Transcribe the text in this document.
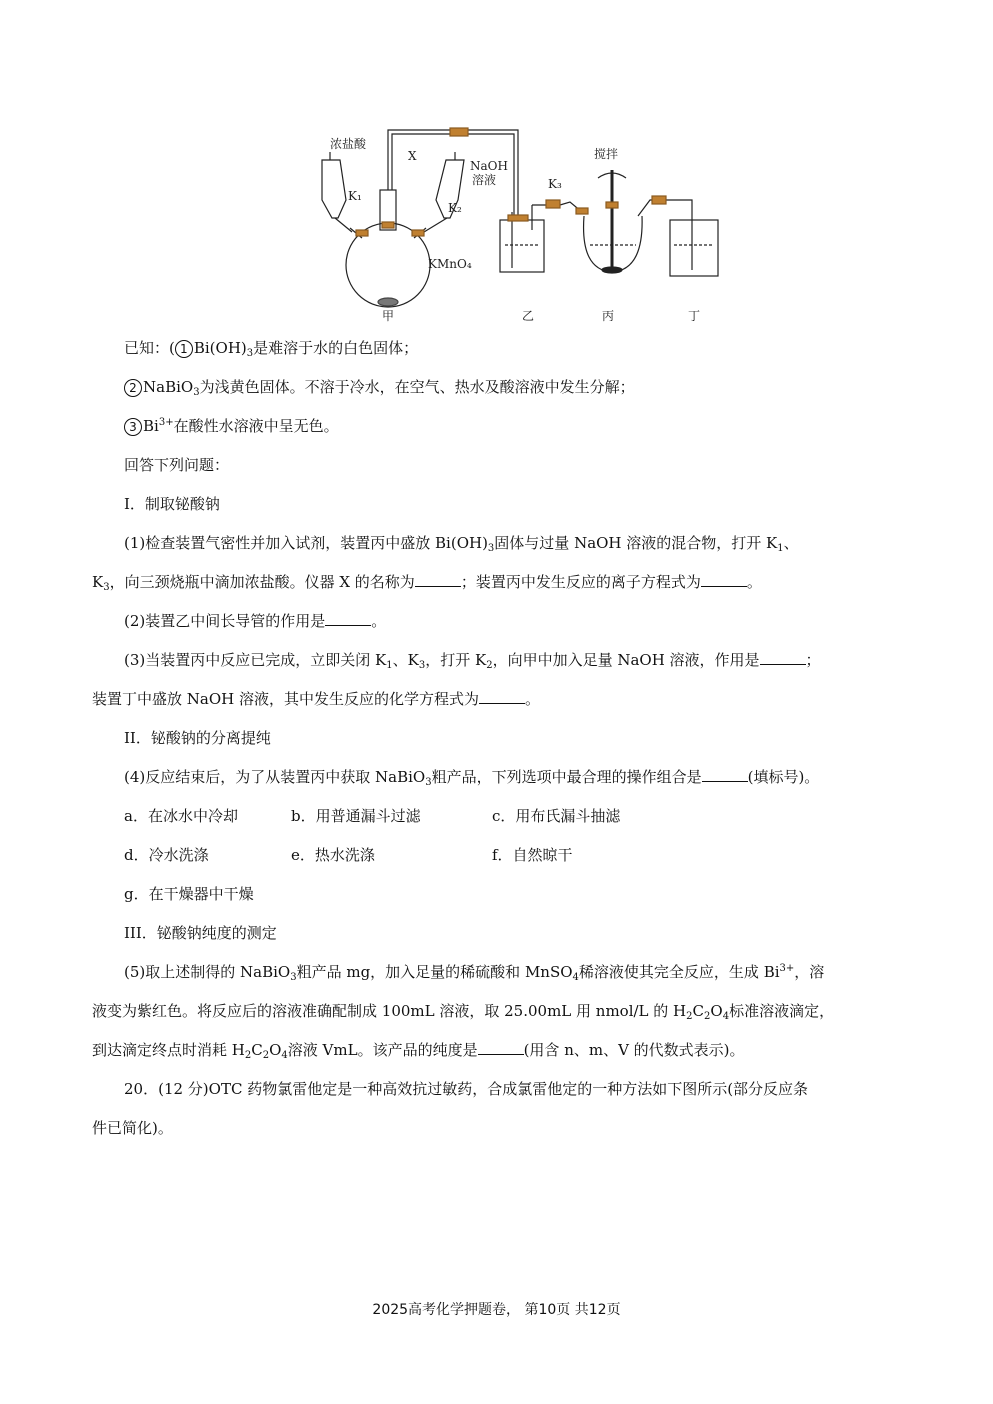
浓盐酸
K₁
X
NaOH
溶液
K₂
K₃
搅拌
KMnO₄
甲	乙	丙	丁
已知：( 1 $Bi(OH)_3$是难溶于水的白色固体；
2 NaBiO$_3$为浅黄色固体。不溶于冷水，在空气、热水及酸溶液中发生分解；
3 $Bi^{3+}$在酸性水溶液中呈无色。
回答下列问题：
I．制取铋酸钠
(1)检查装置气密性并加入试剂，装置丙中盛放 $Bi(OH)_3$固体与过量 NaOH 溶液的混合物，打开 $K_1$、
$K_3$，向三颈烧瓶中滴加浓盐酸。仪器 X 的名称为	；装置丙中发生反应的离子方程式为	。
(2)装置乙中间长导管的作用是	。
(3)当装置丙中反应已完成，立即关闭 $K_1$、$K_3$，打开 $K_2$，向甲中加入足量 NaOH 溶液，作用是	；
装置丁中盛放 NaOH 溶液，其中发生反应的化学方程式为	。
II．铋酸钠的分离提纯
(4)反应结束后，为了从装置丙中获取 NaBiO$_3$粗产品，下列选项中最合理的操作组合是	(填标号)。
a．在冰水中冷却	b．用普通漏斗过滤	c．用布氏漏斗抽滤
d．冷水洗涤	e．热水洗涤	f．自然晾干
g．在干燥器中干燥
III．铋酸钠纯度的测定
(5)取上述制得的 NaBiO$_3$粗产品 mg，加入足量的稀硫酸和 MnSO$_4$稀溶液使其完全反应，生成 $Bi^{3+}$，溶
液变为紫红色。将反应后的溶液准确配制成 100mL 溶液，取 25.00mL 用 nmol/L 的 $H_2C_2O_4$标准溶液滴定，
到达滴定终点时消耗 $H_2C_2O_4$溶液 VmL。该产品的纯度是	(用含 n、m、V 的代数式表示)。
20．(12 分)OTC 药物氯雷他定是一种高效抗过敏药，合成氯雷他定的一种方法如下图所示(部分反应条
件已简化)。
2025高考化学押题卷， 第10页 共12页
